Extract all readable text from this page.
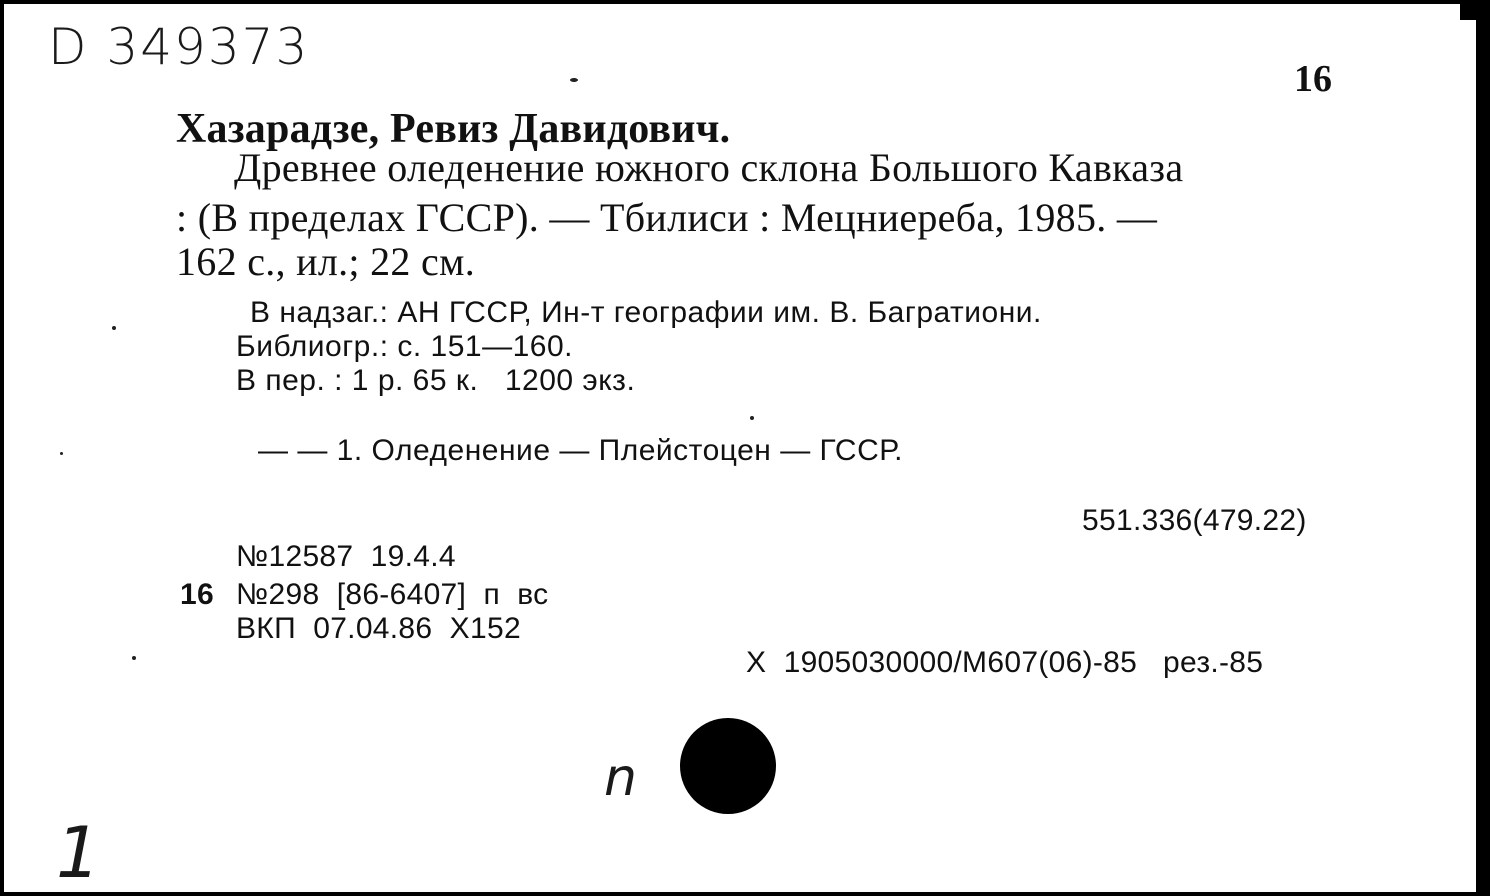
D 349373
16
Хазарадзе, Ревиз Давидович.
Древнее оледенение южного склона Большого Кавказа
: (В пределах ГССР). — Тбилиси : Мецниереба, 1985. —
162 с., ил.; 22 см.
В надзаг.: АН ГССР, Ин-т географии им. В. Багратиони.
Библиогр.: с. 151—160.
В пер. : 1 р. 65 к.   1200 экз.
— — 1. Оледенение — Плейстоцен — ГССР.
551.336(479.22)
№12587  19.4.4
16 №298  [86-6407]  п  вс
ВКП  07.04.86  X152
X  1905030000/М607(06)-85   рез.-85
n
1
